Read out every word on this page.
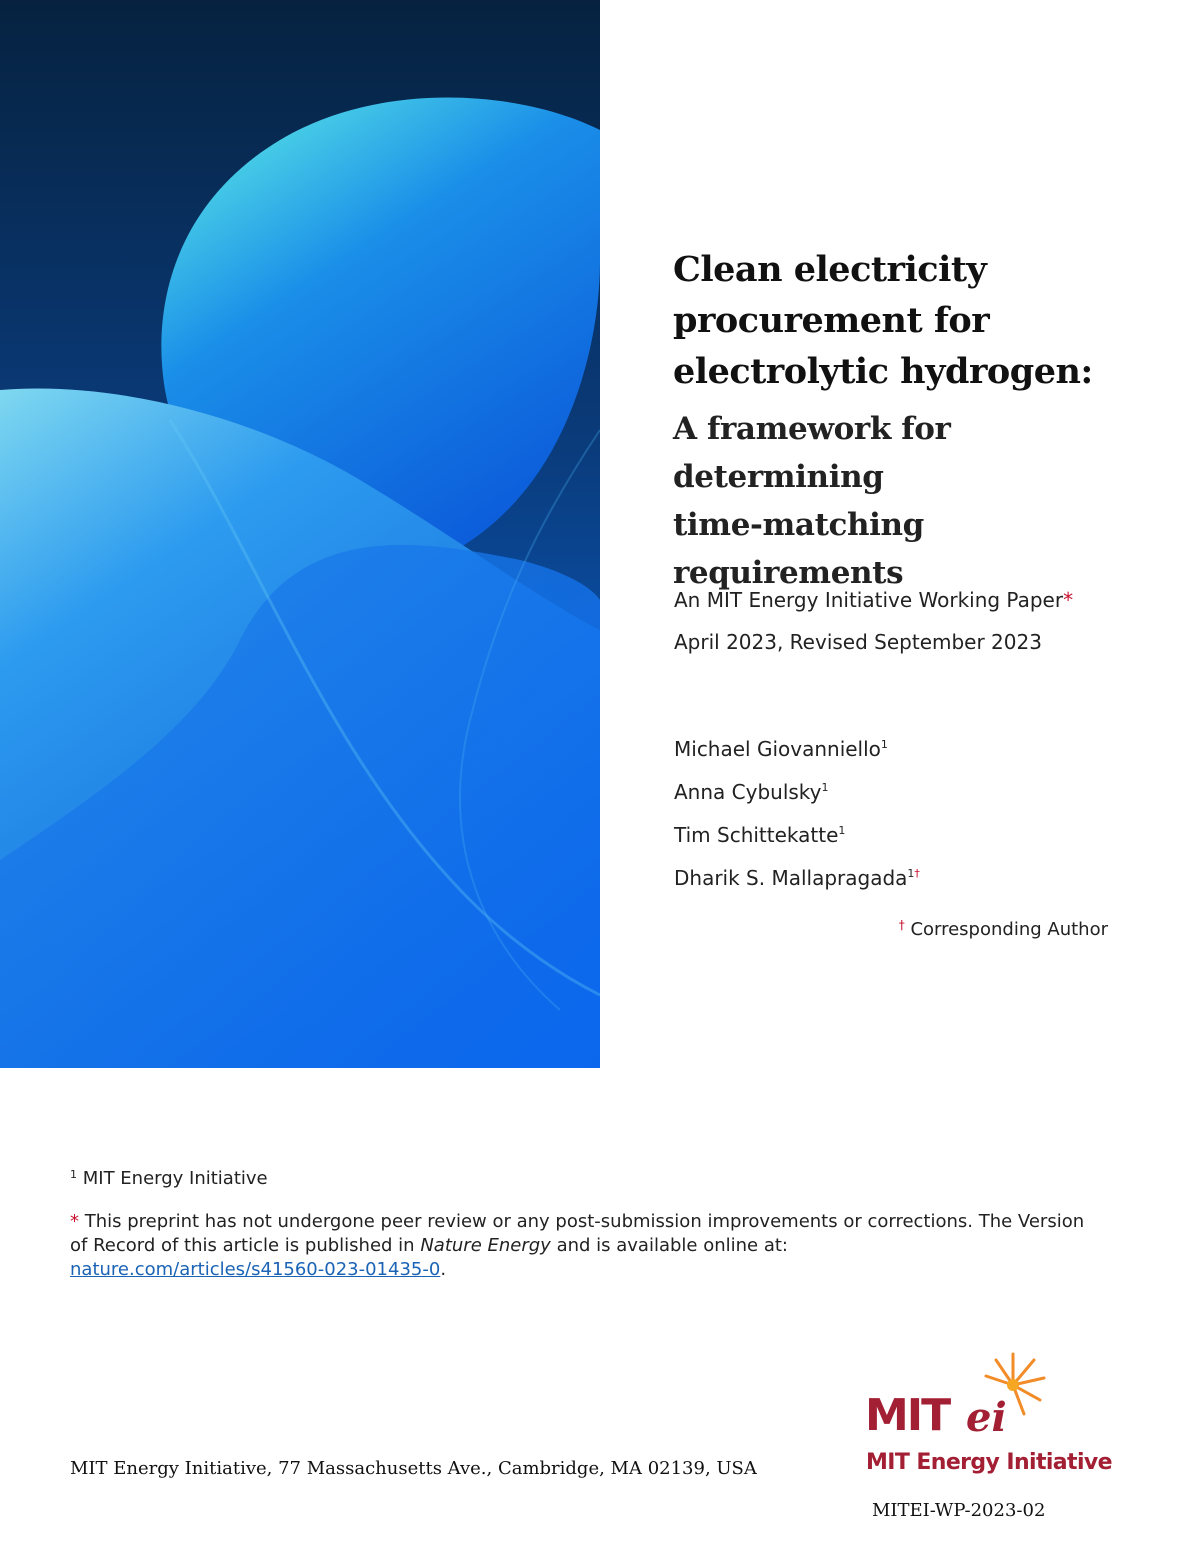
Clean electricity
procurement for
electrolytic hydrogen:
A framework for determining
time-matching requirements
An MIT Energy Initiative Working Paper*
April 2023, Revised September 2023
Michael Giovanniello$^1$
Anna Cybulsky$^1$
Tim Schittekatte$^1$
Dharik S. Mallapragada$^{1\dagger}$
† Corresponding Author
$^1$ MIT Energy Initiative
* This preprint has not undergone peer review or any post-submission improvements or corrections. The Version of Record of this article is published in Nature Energy and is available online at:
nature.com/articles/s41560-023-01435-0.
MIT Energy Initiative, 77 Massachusetts Ave., Cambridge, MA 02139, USA
MIT ei
MIT Energy Initiative
MITEI-WP-2023-02
